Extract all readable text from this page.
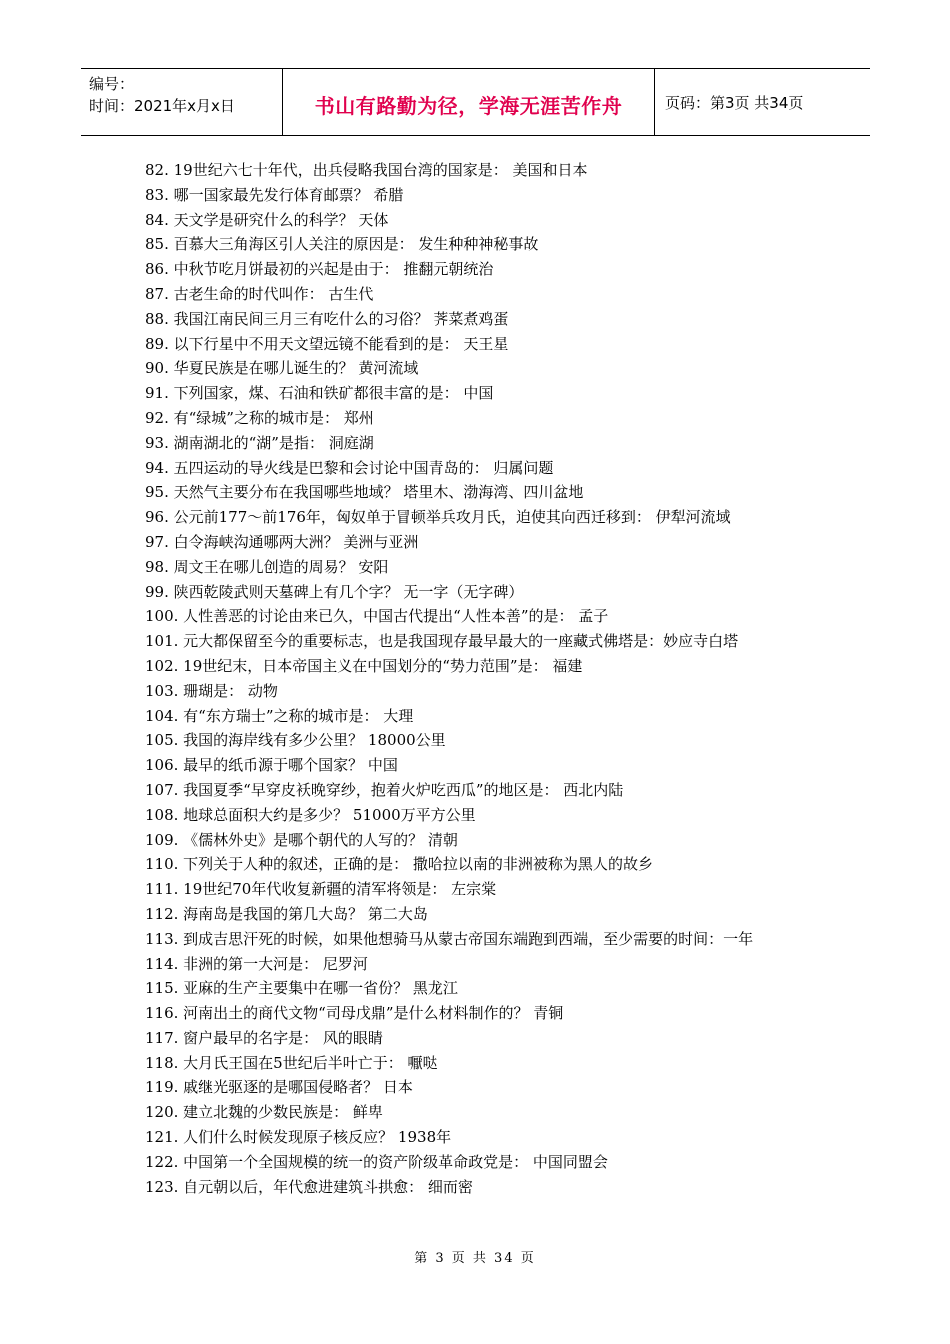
编号：
时间：2021年x月x日	书山有路勤为径，学海无涯苦作舟	页码：第3页 共34页
82. 19世纪六七十年代，出兵侵略我国台湾的国家是： 美国和日本
83. 哪一国家最先发行体育邮票？ 希腊
84. 天文学是研究什么的科学？ 天体
85. 百慕大三角海区引人关注的原因是： 发生种种神秘事故
86. 中秋节吃月饼最初的兴起是由于： 推翻元朝统治
87. 古老生命的时代叫作： 古生代
88. 我国江南民间三月三有吃什么的习俗？ 荠菜煮鸡蛋
89. 以下行星中不用天文望远镜不能看到的是： 天王星
90. 华夏民族是在哪儿诞生的？ 黄河流域
91. 下列国家，煤、石油和铁矿都很丰富的是： 中国
92. 有“绿城”之称的城市是： 郑州
93. 湖南湖北的“湖”是指： 洞庭湖
94. 五四运动的导火线是巴黎和会讨论中国青岛的： 归属问题
95. 天然气主要分布在我国哪些地域？ 塔里木、渤海湾、四川盆地
96. 公元前177～前176年，匈奴单于冒顿举兵攻月氏，迫使其向西迁移到： 伊犁河流域
97. 白令海峡沟通哪两大洲？ 美洲与亚洲
98. 周文王在哪儿创造的周易？ 安阳
99. 陕西乾陵武则天墓碑上有几个字？ 无一字（无字碑）
100. 人性善恶的讨论由来已久，中国古代提出“人性本善”的是： 孟子
101. 元大都保留至今的重要标志，也是我国现存最早最大的一座藏式佛塔是：妙应寺白塔
102. 19世纪末，日本帝国主义在中国划分的“势力范围”是： 福建
103. 珊瑚是： 动物
104. 有“东方瑞士”之称的城市是： 大理
105. 我国的海岸线有多少公里？ 18000公里
106. 最早的纸币源于哪个国家？ 中国
107. 我国夏季“早穿皮袄晚穿纱，抱着火炉吃西瓜”的地区是： 西北内陆
108. 地球总面积大约是多少？ 51000万平方公里
109. 《儒林外史》是哪个朝代的人写的？ 清朝
110. 下列关于人种的叙述，正确的是： 撒哈拉以南的非洲被称为黑人的故乡
111. 19世纪70年代收复新疆的清军将领是： 左宗棠
112. 海南岛是我国的第几大岛？ 第二大岛
113. 到成吉思汗死的时候，如果他想骑马从蒙古帝国东端跑到西端，至少需要的时间：一年
114. 非洲的第一大河是： 尼罗河
115. 亚麻的生产主要集中在哪一省份？ 黑龙江
116. 河南出土的商代文物“司母戊鼎”是什么材料制作的？ 青铜
117. 窗户最早的名字是： 风的眼睛
118. 大月氏王国在5世纪后半叶亡于： 嚈哒
119. 戚继光驱逐的是哪国侵略者？ 日本
120. 建立北魏的少数民族是： 鲜卑
121. 人们什么时候发现原子核反应？ 1938年
122. 中国第一个全国规模的统一的资产阶级革命政党是： 中国同盟会
123. 自元朝以后，年代愈进建筑斗拱愈： 细而密
第 3 页 共 34 页
